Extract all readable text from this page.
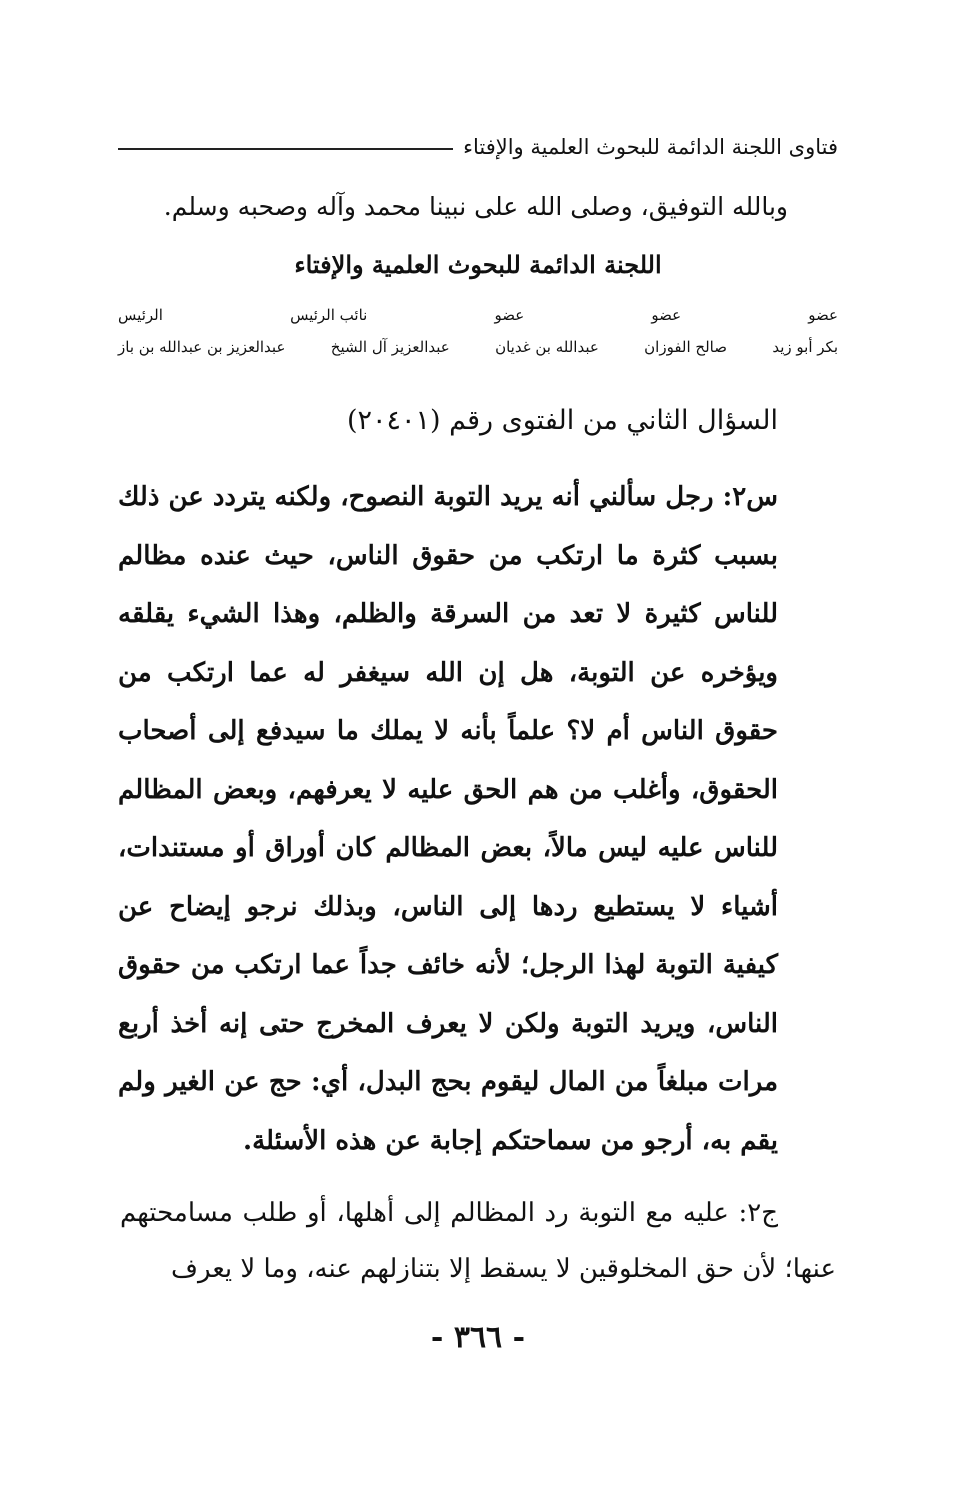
فتاوى اللجنة الدائمة للبحوث العلمية والإفتاء
وبالله التوفيق، وصلى الله على نبينا محمد وآله وصحبه وسلم.
اللجنة الدائمة للبحوث العلمية والإفتاء
عضو
عضو
عضو
نائب الرئيس
الرئيس
بكر أبو زيد
صالح الفوزان
عبدالله بن غديان
عبدالعزيز آل الشيخ
عبدالعزيز بن عبدالله بن باز
السؤال الثاني من الفتوى رقم (٢٠٤٠١)
س٢: رجل سألني أنه يريد التوبة النصوح، ولكنه يتردد عن ذلك بسبب كثرة ما ارتكب من حقوق الناس، حيث عنده مظالم للناس كثيرة لا تعد من السرقة والظلم، وهذا الشيء يقلقه ويؤخره عن التوبة، هل إن الله سيغفر له عما ارتكب من حقوق الناس أم لا؟ علماً بأنه لا يملك ما سيدفع إلى أصحاب الحقوق، وأغلب من هم الحق عليه لا يعرفهم، وبعض المظالم للناس عليه ليس مالاً، بعض المظالم كان أوراق أو مستندات، أشياء لا يستطيع ردها إلى الناس، وبذلك نرجو إيضاح عن كيفية التوبة لهذا الرجل؛ لأنه خائف جداً عما ارتكب من حقوق الناس، ويريد التوبة ولكن لا يعرف المخرج حتى إنه أخذ أربع مرات مبلغاً من المال ليقوم بحج البدل، أي: حج عن الغير ولم يقم به، أرجو من سماحتكم إجابة عن هذه الأسئلة.
ج٢: عليه مع التوبة رد المظالم إلى أهلها، أو طلب مسامحتهم عنها؛ لأن حق المخلوقين لا يسقط إلا بتنازلهم عنه، وما لا يعرف
- ٣٦٦ -
